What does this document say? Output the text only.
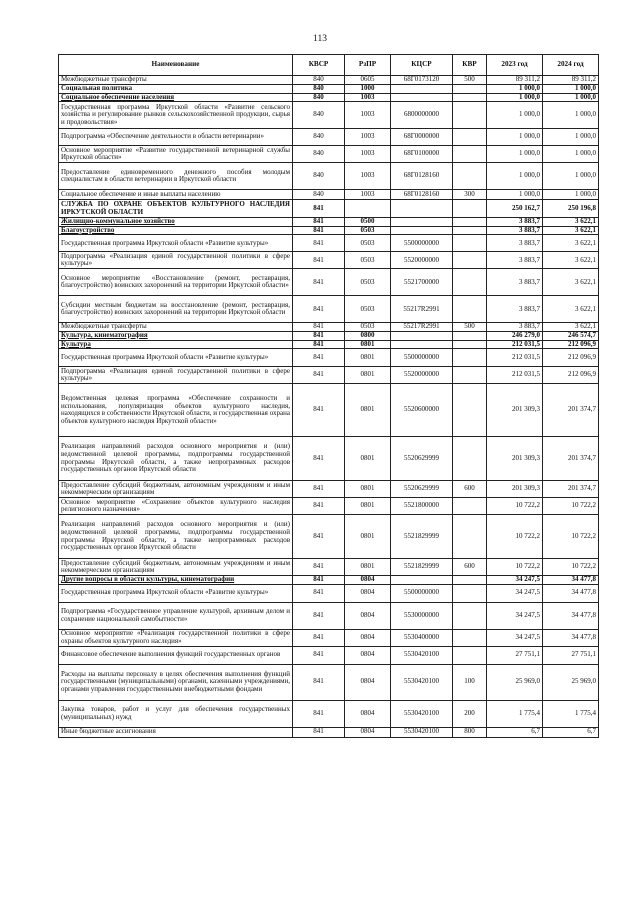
113
Наименование	КВСР	РзПР	КЦСР	КВР	2023 год	2024 год
Межбюджетные трансферты	840	0605	68Г0173120	500	89 311,2	89 311,2
Социальная политика	840	1000			1 000,0	1 000,0
Социальное обеспечение населения	840	1003			1 000,0	1 000,0
Государственная программа Иркутской области «Развитие сельского хозяйства и регулирование рынков сельскохозяйственной продукции, сырья и продовольствия»	840	1003	6800000000		1 000,0	1 000,0
Подпрограмма «Обеспечение деятельности в области ветеринарии»	840	1003	68Г0000000		1 000,0	1 000,0
Основное мероприятие «Развитие государственной ветеринарной службы Иркутской области»	840	1003	68Г0100000		1 000,0	1 000,0
Предоставление единовременного денежного пособия молодым специалистам в области ветеринарии в Иркутской области	840	1003	68Г0128160		1 000,0	1 000,0
Социальное обеспечение и иные выплаты населению	840	1003	68Г0128160	300	1 000,0	1 000,0
СЛУЖБА ПО ОХРАНЕ ОБЪЕКТОВ КУЛЬТУРНОГО НАСЛЕДИЯ ИРКУТСКОЙ ОБЛАСТИ	841				250 162,7	250 196,8
Жилищно-коммунальное хозяйство	841	0500			3 883,7	3 622,1
Благоустройство	841	0503			3 883,7	3 622,1
Государственная программа Иркутской области «Развитие культуры»	841	0503	5500000000		3 883,7	3 622,1
Подпрограмма «Реализация единой государственной политики в сфере культуры»	841	0503	5520000000		3 883,7	3 622,1
Основное мероприятие «Восстановление (ремонт, реставрация, благоустройство) воинских захоронений на территории Иркутской области»	841	0503	5521700000		3 883,7	3 622,1
Субсидии местным бюджетам на восстановление (ремонт, реставрация, благоустройство) воинских захоронений на территории Иркутской области	841	0503	55217R2991		3 883,7	3 622,1
Межбюджетные трансферты	841	0503	55217R2991	500	3 883,7	3 622,1
Культура, кинематография	841	0800			246 279,0	246 574,7
Культура	841	0801			212 031,5	212 096,9
Государственная программа Иркутской области «Развитие культуры»	841	0801	5500000000		212 031,5	212 096,9
Подпрограмма «Реализация единой государственной политики в сфере культуры»	841	0801	5520000000		212 031,5	212 096,9
Ведомственная целевая программа «Обеспечение сохранности и использования, популяризация объектов культурного наследия, находящихся в собственности Иркутской области, и государственная охрана объектов культурного наследия Иркутской области»	841	0801	5520600000		201 309,3	201 374,7
Реализация направлений расходов основного мероприятия и (или) ведомственной целевой программы, подпрограммы государственной программы Иркутской области, а также непрограммных расходов государственных органов Иркутской области	841	0801	5520629999		201 309,3	201 374,7
Предоставление субсидий бюджетным, автономным учреждениям и иным некоммерческим организациям	841	0801	5520629999	600	201 309,3	201 374,7
Основное мероприятие «Сохранение объектов культурного наследия религиозного назначения»	841	0801	5521800000		10 722,2	10 722,2
Реализация направлений расходов основного мероприятия и (или) ведомственной целевой программы, подпрограммы государственной программы Иркутской области, а также непрограммных расходов государственных органов Иркутской области	841	0801	5521829999		10 722,2	10 722,2
Предоставление субсидий бюджетным, автономным учреждениям и иным некоммерческим организациям	841	0801	5521829999	600	10 722,2	10 722,2
Другие вопросы в области культуры, кинематографии	841	0804			34 247,5	34 477,8
Государственная программа Иркутской области «Развитие культуры»	841	0804	5500000000		34 247,5	34 477,8
Подпрограмма «Государственное управление культурой, архивным делом и сохранение национальной самобытности»	841	0804	5530000000		34 247,5	34 477,8
Основное мероприятие «Реализация государственной политики в сфере охраны объектов культурного наследия»	841	0804	5530400000		34 247,5	34 477,8
Финансовое обеспечение выполнения функций государственных органов	841	0804	5530420100		27 751,1	27 751,1
Расходы на выплаты персоналу в целях обеспечения выполнения функций государственными (муниципальными) органами, казенными учреждениями, органами управления государственными внебюджетными фондами	841	0804	5530420100	100	25 969,0	25 969,0
Закупка товаров, работ и услуг для обеспечения государственных (муниципальных) нужд	841	0804	5530420100	200	1 775,4	1 775,4
Иные бюджетные ассигнования	841	0804	5530420100	800	6,7	6,7
